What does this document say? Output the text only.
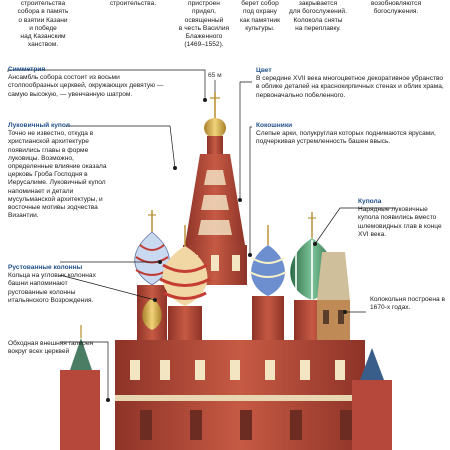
строительства
собора в память
о взятии Казани
и победе
над Казанским
ханством.

строительства.	
пристроен
придел,
освященный
в честь Василия
Блаженного
(1469–1552).

берет собор
под охрану
как памятник
культуры.

закрывается
для богослужений.
Колокола сняты
на переплавку.

возобновляются
богослужения.
65 м
Симметрия
Ансамбль собора состоит из восьми столпообразных церквей, окружающих девятую — самую высокую, — увенчанную шатром.
Луковичный купол
Точно не известно, откуда в христианской архитектуре появились главы в форме луковицы. Возможно, определенные влияние оказала церковь Гроба Господня в Иерусалиме. Луковичный купол напоминает и детали мусульманской архитектуры, и восточные мотивы зодчества Византии.
Рустованные колонны
Кольца на угловых колоннах башни напоминают рустованные колонны итальянского Возрождения.
Обходная внешняя галерея вокруг всех церквей
Цвет
В середине XVII века многоцветное декоративное убранство в облике деталей на краснокирпичных стенах и облик храма, первоначально побеленного.
Кокошники
Слепые арки, полукруглая которых поднимаются ярусами, подчеркивая устремленность башен ввысь.
Купола
Нарядные луковичные купола появились вместо шлемовидных глав в конце XVI века.
Колокольня построена в 1670-х годах.
